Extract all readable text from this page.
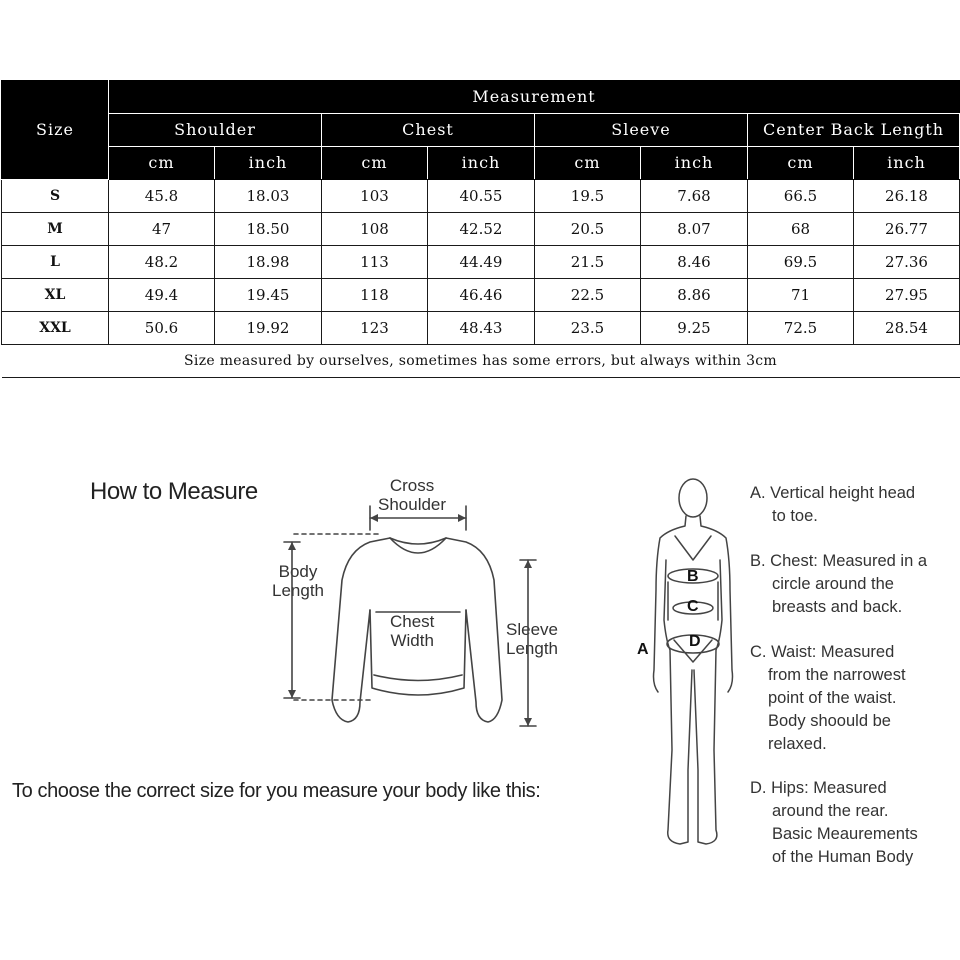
Size	Measurement							
	Shoulder		Chest		Sleeve		Center Back Length	
	cm	inch	cm	inch	cm	inch	cm	inch
S	45.8	18.03	103	40.55	19.5	7.68	66.5	26.18
M	47	18.50	108	42.52	20.5	8.07	68	26.77
L	48.2	18.98	113	44.49	21.5	8.46	69.5	27.36
XL	49.4	19.45	118	46.46	22.5	8.86	71	27.95
XXL	50.6	19.92	123	48.43	23.5	9.25	72.5	28.54
Size measured by ourselves, sometimes has some errors, but always within 3cm								
How to Measure	Cross
Shoulder
Body
Length
Chest
Width
Sleeve
Length
To choose the correct size for you measure your body like this:
B
C
D
A
A. Vertical height head
to toe.
B. Chest: Measured in a
circle around the
breasts and back.
C. Waist: Measured
from the narrowest
point of the waist.
Body shoould be
relaxed.
D. Hips: Measured
around the rear.
Basic Meaurements
of the Human Body
